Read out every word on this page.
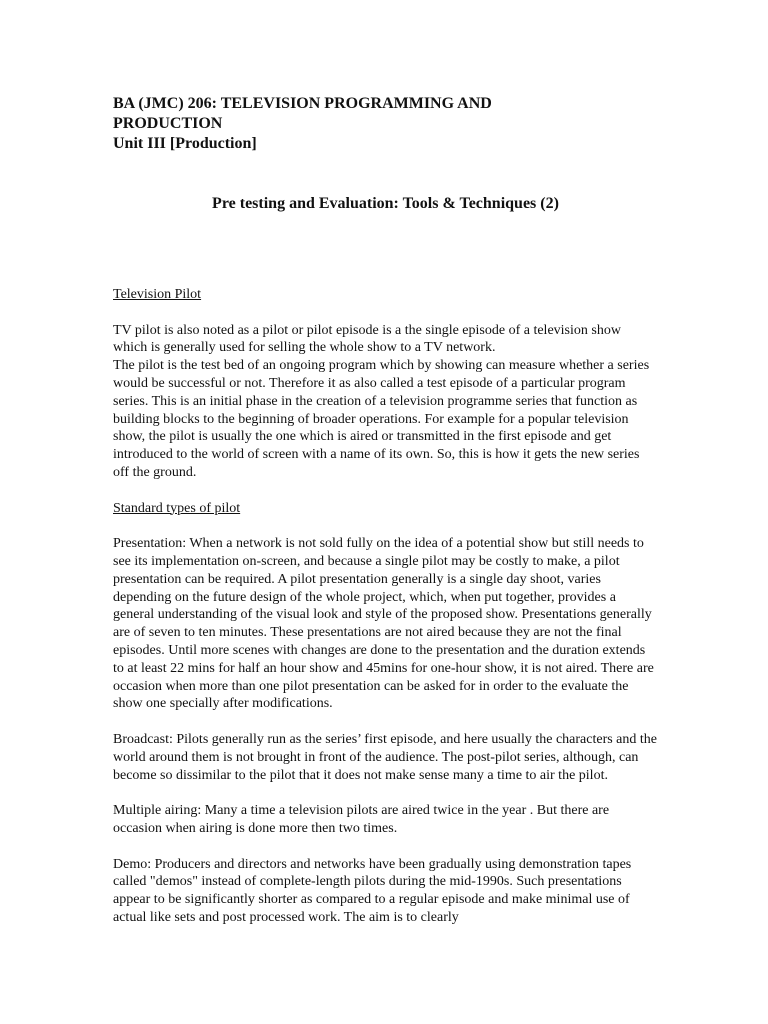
BA (JMC) 206: TELEVISION PROGRAMMING AND
PRODUCTION
Unit III [Production]

Pre testing and Evaluation: Tools & Techniques (2)

Television Pilot

TV pilot is also noted as a pilot or pilot episode is a the single episode of a television show which is generally used for selling the whole show to a TV network.

The pilot is the test bed of an ongoing program which by showing can measure whether a series would be successful or not. Therefore it as also called a test episode of a particular program series. This is an initial phase in the creation of a television programme series that function as building blocks to the beginning of broader operations. For example for a popular television show, the pilot is usually the one which is aired or transmitted in the first episode and get introduced to the world of screen with a name of its own. So, this is how it gets the new series off the ground.

Standard types of pilot

Presentation: When a network is not sold fully on the idea of a potential show but still needs to see its implementation on-screen, and because a single pilot may be costly to make, a pilot presentation can be required. A pilot presentation generally is a single day shoot, varies depending on the future design of the whole project, which, when put together, provides a general understanding of the visual look and style of the proposed show. Presentations generally are of seven to ten minutes. These presentations are not aired because they are not the final episodes. Until more scenes with changes are done to the presentation and the duration extends to at least 22 mins for half an hour show and 45mins for one-hour show, it is not aired. There are occasion when more than one pilot presentation can be asked for in order to the evaluate the show one specially after modifications.

Broadcast: Pilots generally run as the series’ first episode, and here usually the characters and the world around them is not brought in front of the audience. The post-pilot series, although, can become so dissimilar to the pilot that it does not make sense many a time to air the pilot.

Multiple airing: Many a time a television pilots are aired twice in the year . But there are occasion when airing is done more then two times.

Demo: Producers and directors and networks have been gradually using demonstration tapes called "demos" instead of complete-length pilots during the mid-1990s. Such presentations appear to be significantly shorter as compared to a regular episode and make minimal use of actual like sets and post processed work. The aim is to clearly
